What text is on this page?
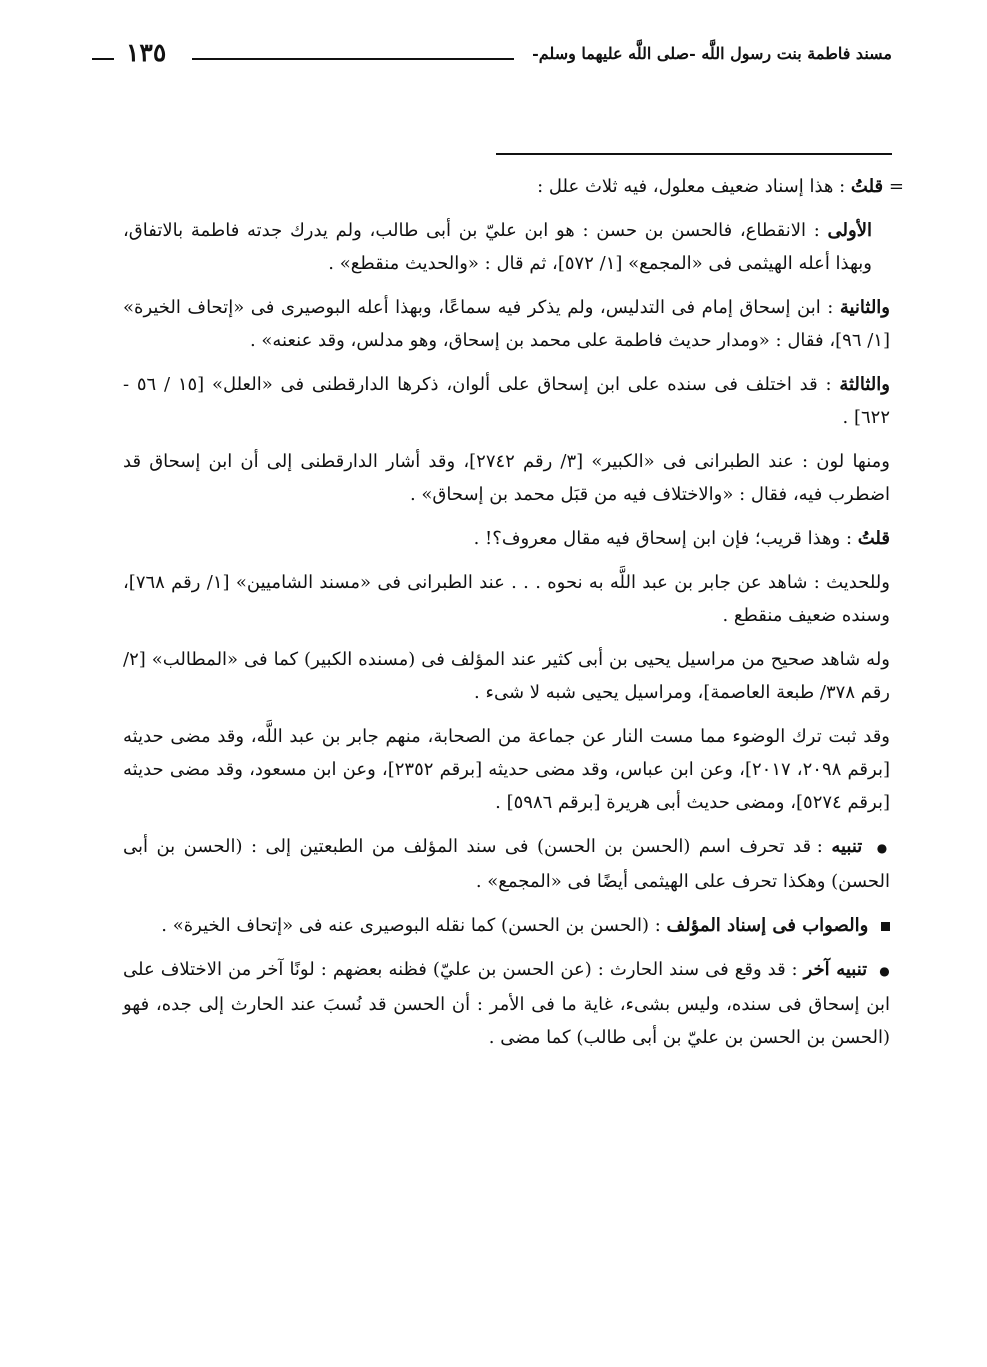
مسند فاطمة بنت رسول اللَّه -صلى اللَّه عليهما وسلم-
١٣٥

= قلتُ : هذا إسناد ضعيف معلول، فيه ثلاث علل :

الأولى : الانقطاع، فالحسن بن حسن : هو ابن عليّ بن أبى طالب، ولم يدرك جدته فاطمة بالاتفاق، وبهذا أعله الهيثمى فى «المجمع» [١/ ٥٧٢]، ثم قال : «والحديث منقطع» .

والثانية : ابن إسحاق إمام فى التدليس، ولم يذكر فيه سماعًا، وبهذا أعله البوصيرى فى «إتحاف الخيرة» [١/ ٩٦]، فقال : «ومدار حديث فاطمة على محمد بن إسحاق، وهو مدلس، وقد عنعنه» .

والثالثة : قد اختلف فى سنده على ابن إسحاق على ألوان، ذكرها الدارقطنى فى «العلل» [١٥ / ٥٦ - ٦٢٢] .

ومنها لون : عند الطبرانى فى «الكبير» [٣/ رقم ٢٧٤٢]، وقد أشار الدارقطنى إلى أن ابن إسحاق قد اضطرب فيه، فقال : «والاختلاف فيه من قبَل محمد بن إسحاق» .

قلتُ : وهذا قريب؛ فإن ابن إسحاق فيه مقال معروف؟! .

وللحديث : شاهد عن جابر بن عبد اللَّه به نحوه . . . عند الطبرانى فى «مسند الشاميين» [١/ رقم ٧٦٨]، وسنده ضعيف منقطع .

وله شاهد صحيح من مراسيل يحيى بن أبى كثير عند المؤلف فى (مسنده الكبير) كما فى «المطالب» [٢/ رقم ٣٧٨/ طبعة العاصمة]، ومراسيل يحيى شبه لا شىء .

وقد ثبت ترك الوضوء مما مست النار عن جماعة من الصحابة، منهم جابر بن عبد اللَّه، وقد مضى حديثه [برقم ٢٠٩٨، ٢٠١٧]، وعن ابن عباس، وقد مضى حديثه [برقم ٢٣٥٢]، وعن ابن مسعود، وقد مضى حديثه [برقم ٥٢٧٤]، ومضى حديث أبى هريرة [برقم ٥٩٨٦] .

● تنبيه : قد تحرف اسم (الحسن بن الحسن) فى سند المؤلف من الطبعتين إلى : (الحسن بن أبى الحسن) وهكذا تحرف على الهيثمى أيضًا فى «المجمع» .

والصواب فى إسناد المؤلف : (الحسن بن الحسن) كما نقله البوصيرى عنه فى «إتحاف الخيرة» .

● تنبيه آخر : قد وقع فى سند الحارث : (عن الحسن بن عليّ) فظنه بعضهم : لونًا آخر من الاختلاف على ابن إسحاق فى سنده، وليس بشىء، غاية ما فى الأمر : أن الحسن قد نُسبَ عند الحارث إلى جده، فهو (الحسن بن الحسن بن عليّ بن أبى طالب) كما مضى .
